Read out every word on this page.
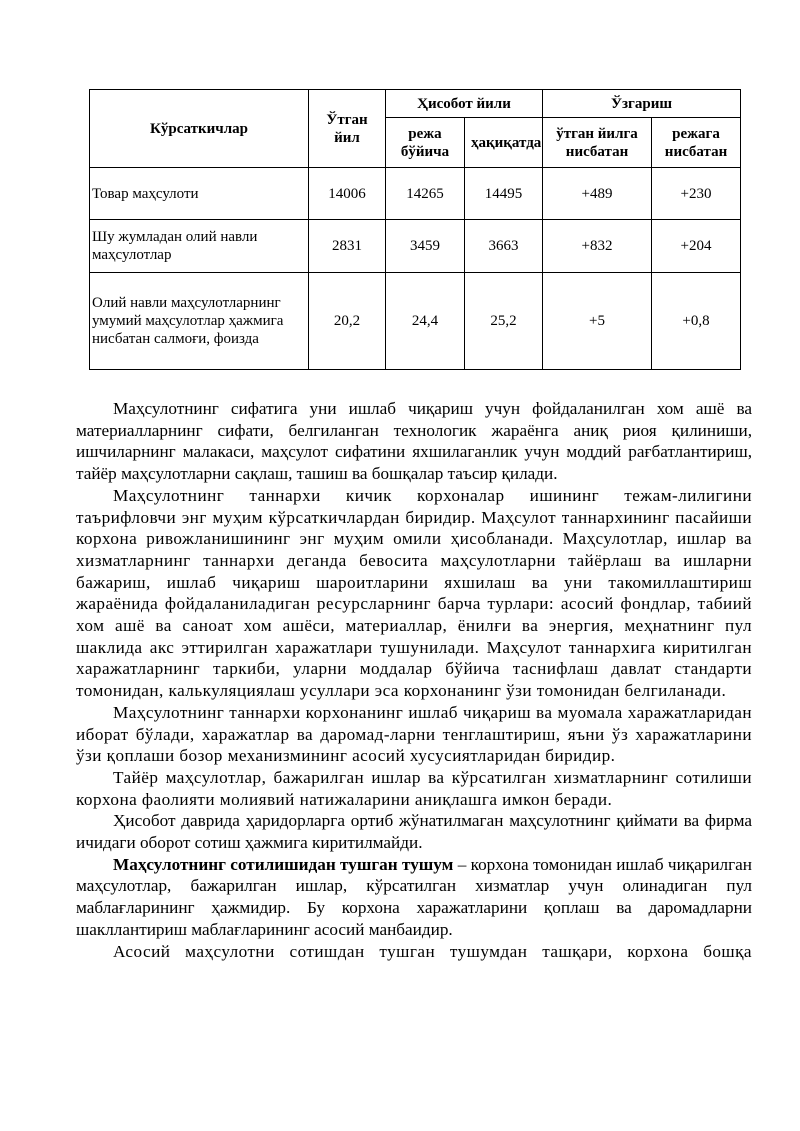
Кўрсаткичлар	Ўтган йил	Ҳисобот йили		Ўзгариш	
		режа бўйича	ҳақиқатда	ўтган йилга нисбатан	режага нисбатан
Товар маҳсулоти	14006	14265	14495	+489	+230
Шу жумладан олий навли маҳсулотлар	2831	3459	3663	+832	+204
Олий навли маҳсулотларнинг умумий маҳсулотлар ҳажмига нисбатан салмоғи, фоизда	20,2	24,4	25,2	+5	+0,8

Маҳсулотнинг сифатига уни ишлаб чиқариш учун фойдаланилган хом ашё ва материалларнинг сифати, белгиланган технологик жараёнга аниқ риоя қилиниши, ишчиларнинг малакаси, маҳсулот сифатини яхшилаганлик учун моддий рағбатлантириш, тайёр маҳсулотларни сақлаш, ташиш ва бошқалар таъсир қилади.

Маҳсулотнинг таннархи кичик корхоналар ишининг тежам-лилигини таърифловчи энг муҳим кўрсаткичлардан биридир. Маҳсулот таннархининг пасайиши корхона ривожланишининг энг муҳим омили ҳисобланади. Маҳсулотлар, ишлар ва хизматларнинг таннархи деганда бевосита маҳсулотларни тайёрлаш ва ишларни бажариш, ишлаб чиқариш шароитларини яхшилаш ва уни такомиллаштириш жараёнида фойдаланиладиган ресурсларнинг барча турлари: асосий фондлар, табиий хом ашё ва саноат хом ашёси, материаллар, ёнилғи ва энергия, меҳнатнинг пул шаклида акс эттирилган харажатлари тушунилади. Маҳсулот таннархига киритилган харажатларнинг таркиби, уларни моддалар бўйича таснифлаш давлат стандарти томонидан, калькуляциялаш усуллари эса корхонанинг ўзи томонидан белгиланади.

Маҳсулотнинг таннархи корхонанинг ишлаб чиқариш ва муомала харажатларидан иборат бўлади, харажатлар ва даромад-ларни тенглаштириш, яъни ўз харажатларини ўзи қоплаши бозор механизмининг асосий хусусиятларидан биридир.

Тайёр маҳсулотлар, бажарилган ишлар ва кўрсатилган хизматларнинг сотилиши корхона фаолияти молиявий натижаларини аниқлашга имкон беради.

Ҳисобот даврида ҳаридорларга ортиб жўнатилмаган маҳсулотнинг қиймати ва фирма ичидаги оборот сотиш ҳажмига киритилмайди.

Маҳсулотнинг сотилишидан тушган тушум – корхона томонидан ишлаб чиқарилган маҳсулотлар, бажарилган ишлар, кўрсатилган хизматлар учун олинадиган пул маблағларининг ҳажмидир. Бу корхона харажатларини қоплаш ва даромадларни шакллантириш маблағларининг асосий манбаидир.

Асосий маҳсулотни сотишдан тушган тушумдан ташқари, корхона бошқа
